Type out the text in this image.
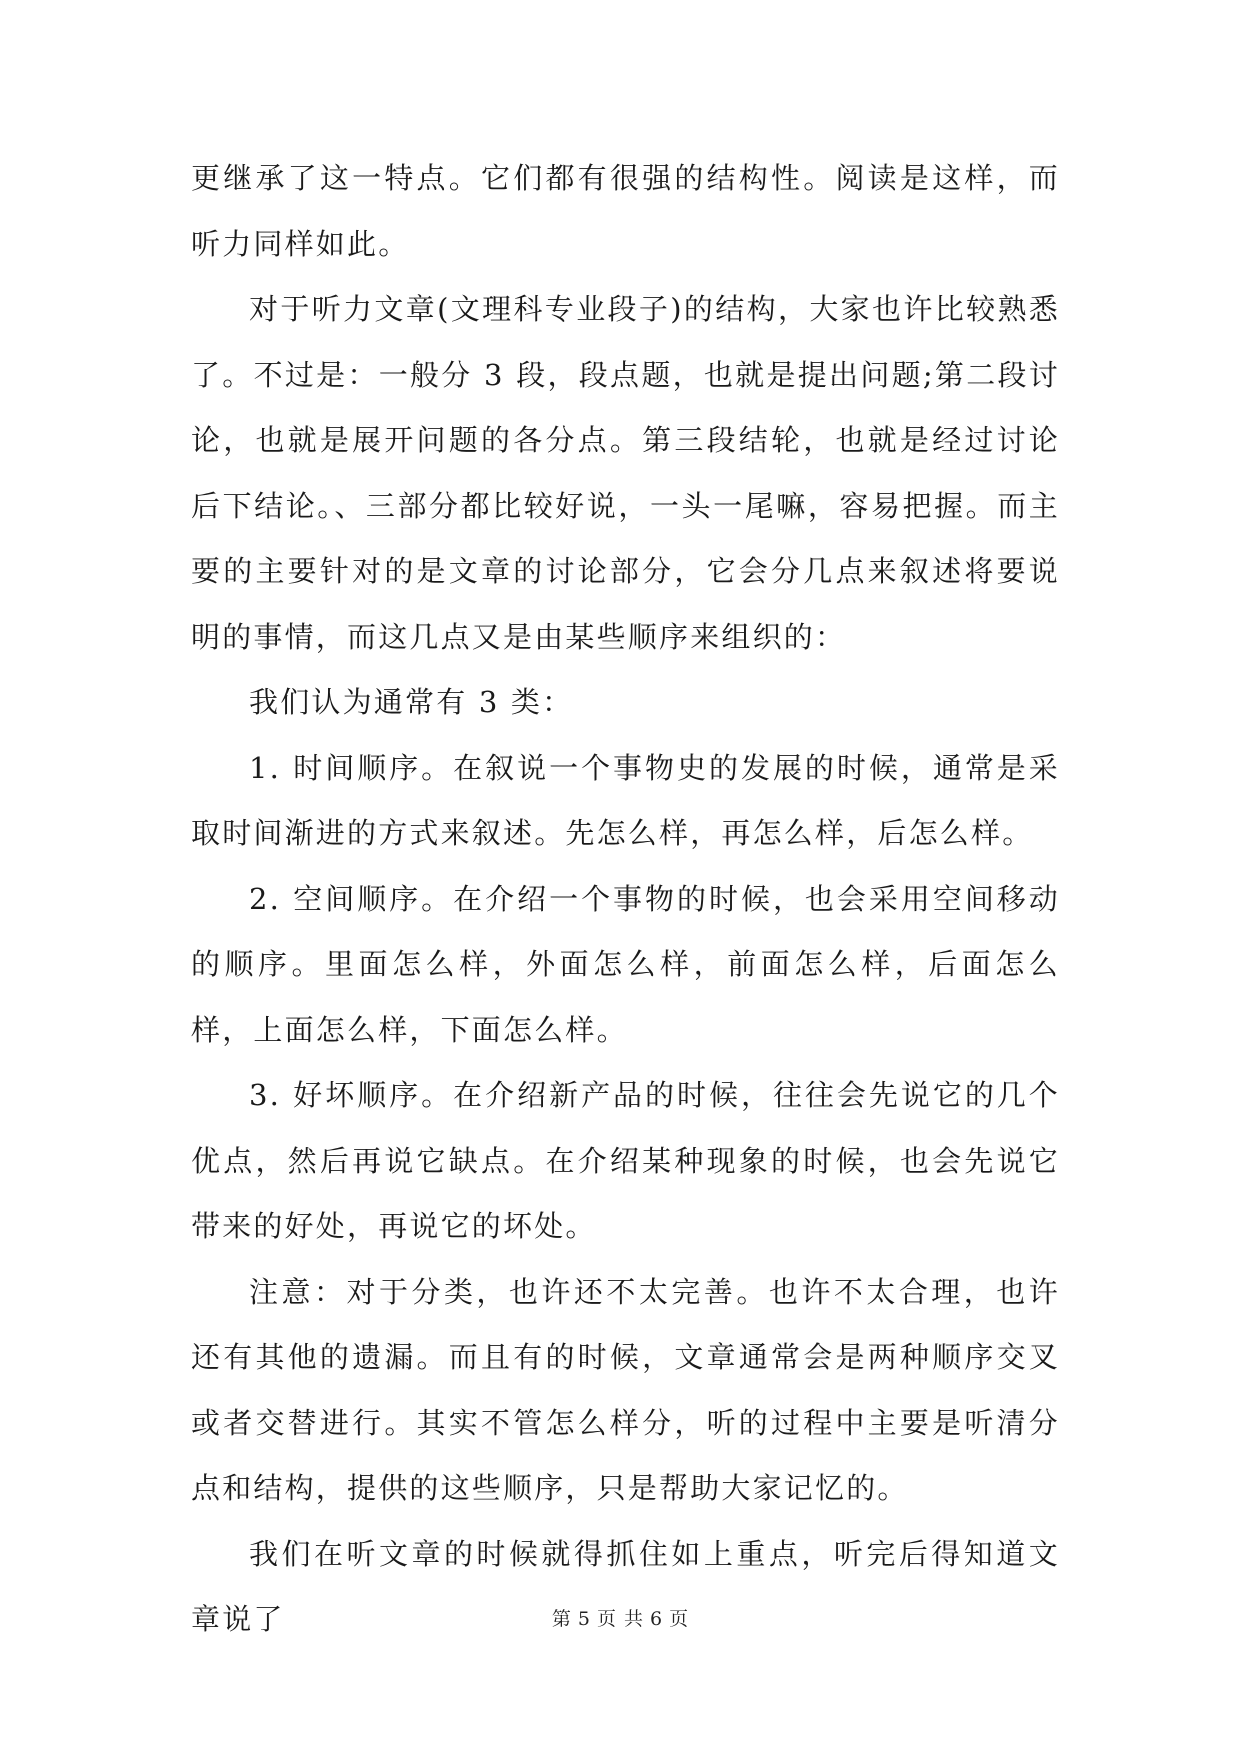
更继承了这一特点。它们都有很强的结构性。阅读是这样，而听力同样如此。

对于听力文章(文理科专业段子)的结构，大家也许比较熟悉了。不过是：一般分 3 段，段点题，也就是提出问题;第二段讨论，也就是展开问题的各分点。第三段结轮，也就是经过讨论后下结论。、三部分都比较好说，一头一尾嘛，容易把握。而主要的主要针对的是文章的讨论部分，它会分几点来叙述将要说明的事情，而这几点又是由某些顺序来组织的：

我们认为通常有 3 类：

1. 时间顺序。在叙说一个事物史的发展的时候，通常是采取时间渐进的方式来叙述。先怎么样，再怎么样，后怎么样。

2. 空间顺序。在介绍一个事物的时候，也会采用空间移动的顺序。里面怎么样，外面怎么样，前面怎么样，后面怎么样，上面怎么样，下面怎么样。

3. 好坏顺序。在介绍新产品的时候，往往会先说它的几个优点，然后再说它缺点。在介绍某种现象的时候，也会先说它带来的好处，再说它的坏处。

注意：对于分类，也许还不太完善。也许不太合理，也许还有其他的遗漏。而且有的时候，文章通常会是两种顺序交叉或者交替进行。其实不管怎么样分，听的过程中主要是听清分点和结构，提供的这些顺序，只是帮助大家记忆的。

我们在听文章的时候就得抓住如上重点，听完后得知道文章说了	第 5 页 共 6 页
